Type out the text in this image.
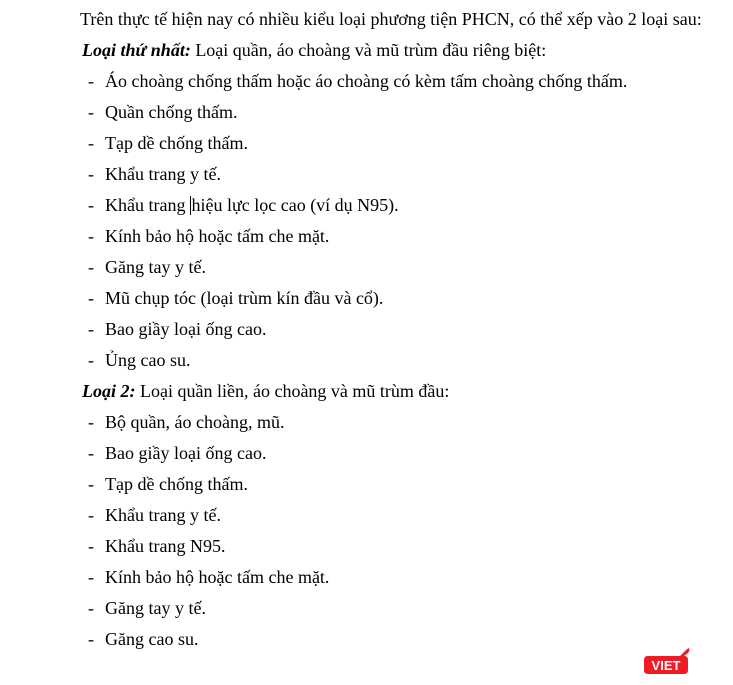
Trên thực tế hiện nay có nhiều kiểu loại phương tiện PHCN, có thể xếp vào 2 loại sau:

Loại thứ nhất: Loại quần, áo choàng và mũ trùm đầu riêng biệt:

- Áo choàng chống thấm hoặc áo choàng có kèm tấm choàng chống thấm.
- Quần chống thấm.
- Tạp dề chống thấm.
- Khẩu trang y tế.
- Khẩu trang hiệu lực lọc cao (ví dụ N95).
- Kính bảo hộ hoặc tấm che mặt.
- Găng tay y tế.
- Mũ chụp tóc (loại trùm kín đầu và cổ).
- Bao giầy loại ống cao.
- Ủng cao su.

Loại 2: Loại quần liền, áo choàng và mũ trùm đầu:

- Bộ quần, áo choàng, mũ.
- Bao giầy loại ống cao.
- Tạp dề chống thấm.
- Khẩu trang y tế.
- Khẩu trang N95.
- Kính bảo hộ hoặc tấm che mặt.
- Găng tay y tế.
- Găng cao su.
VIET
